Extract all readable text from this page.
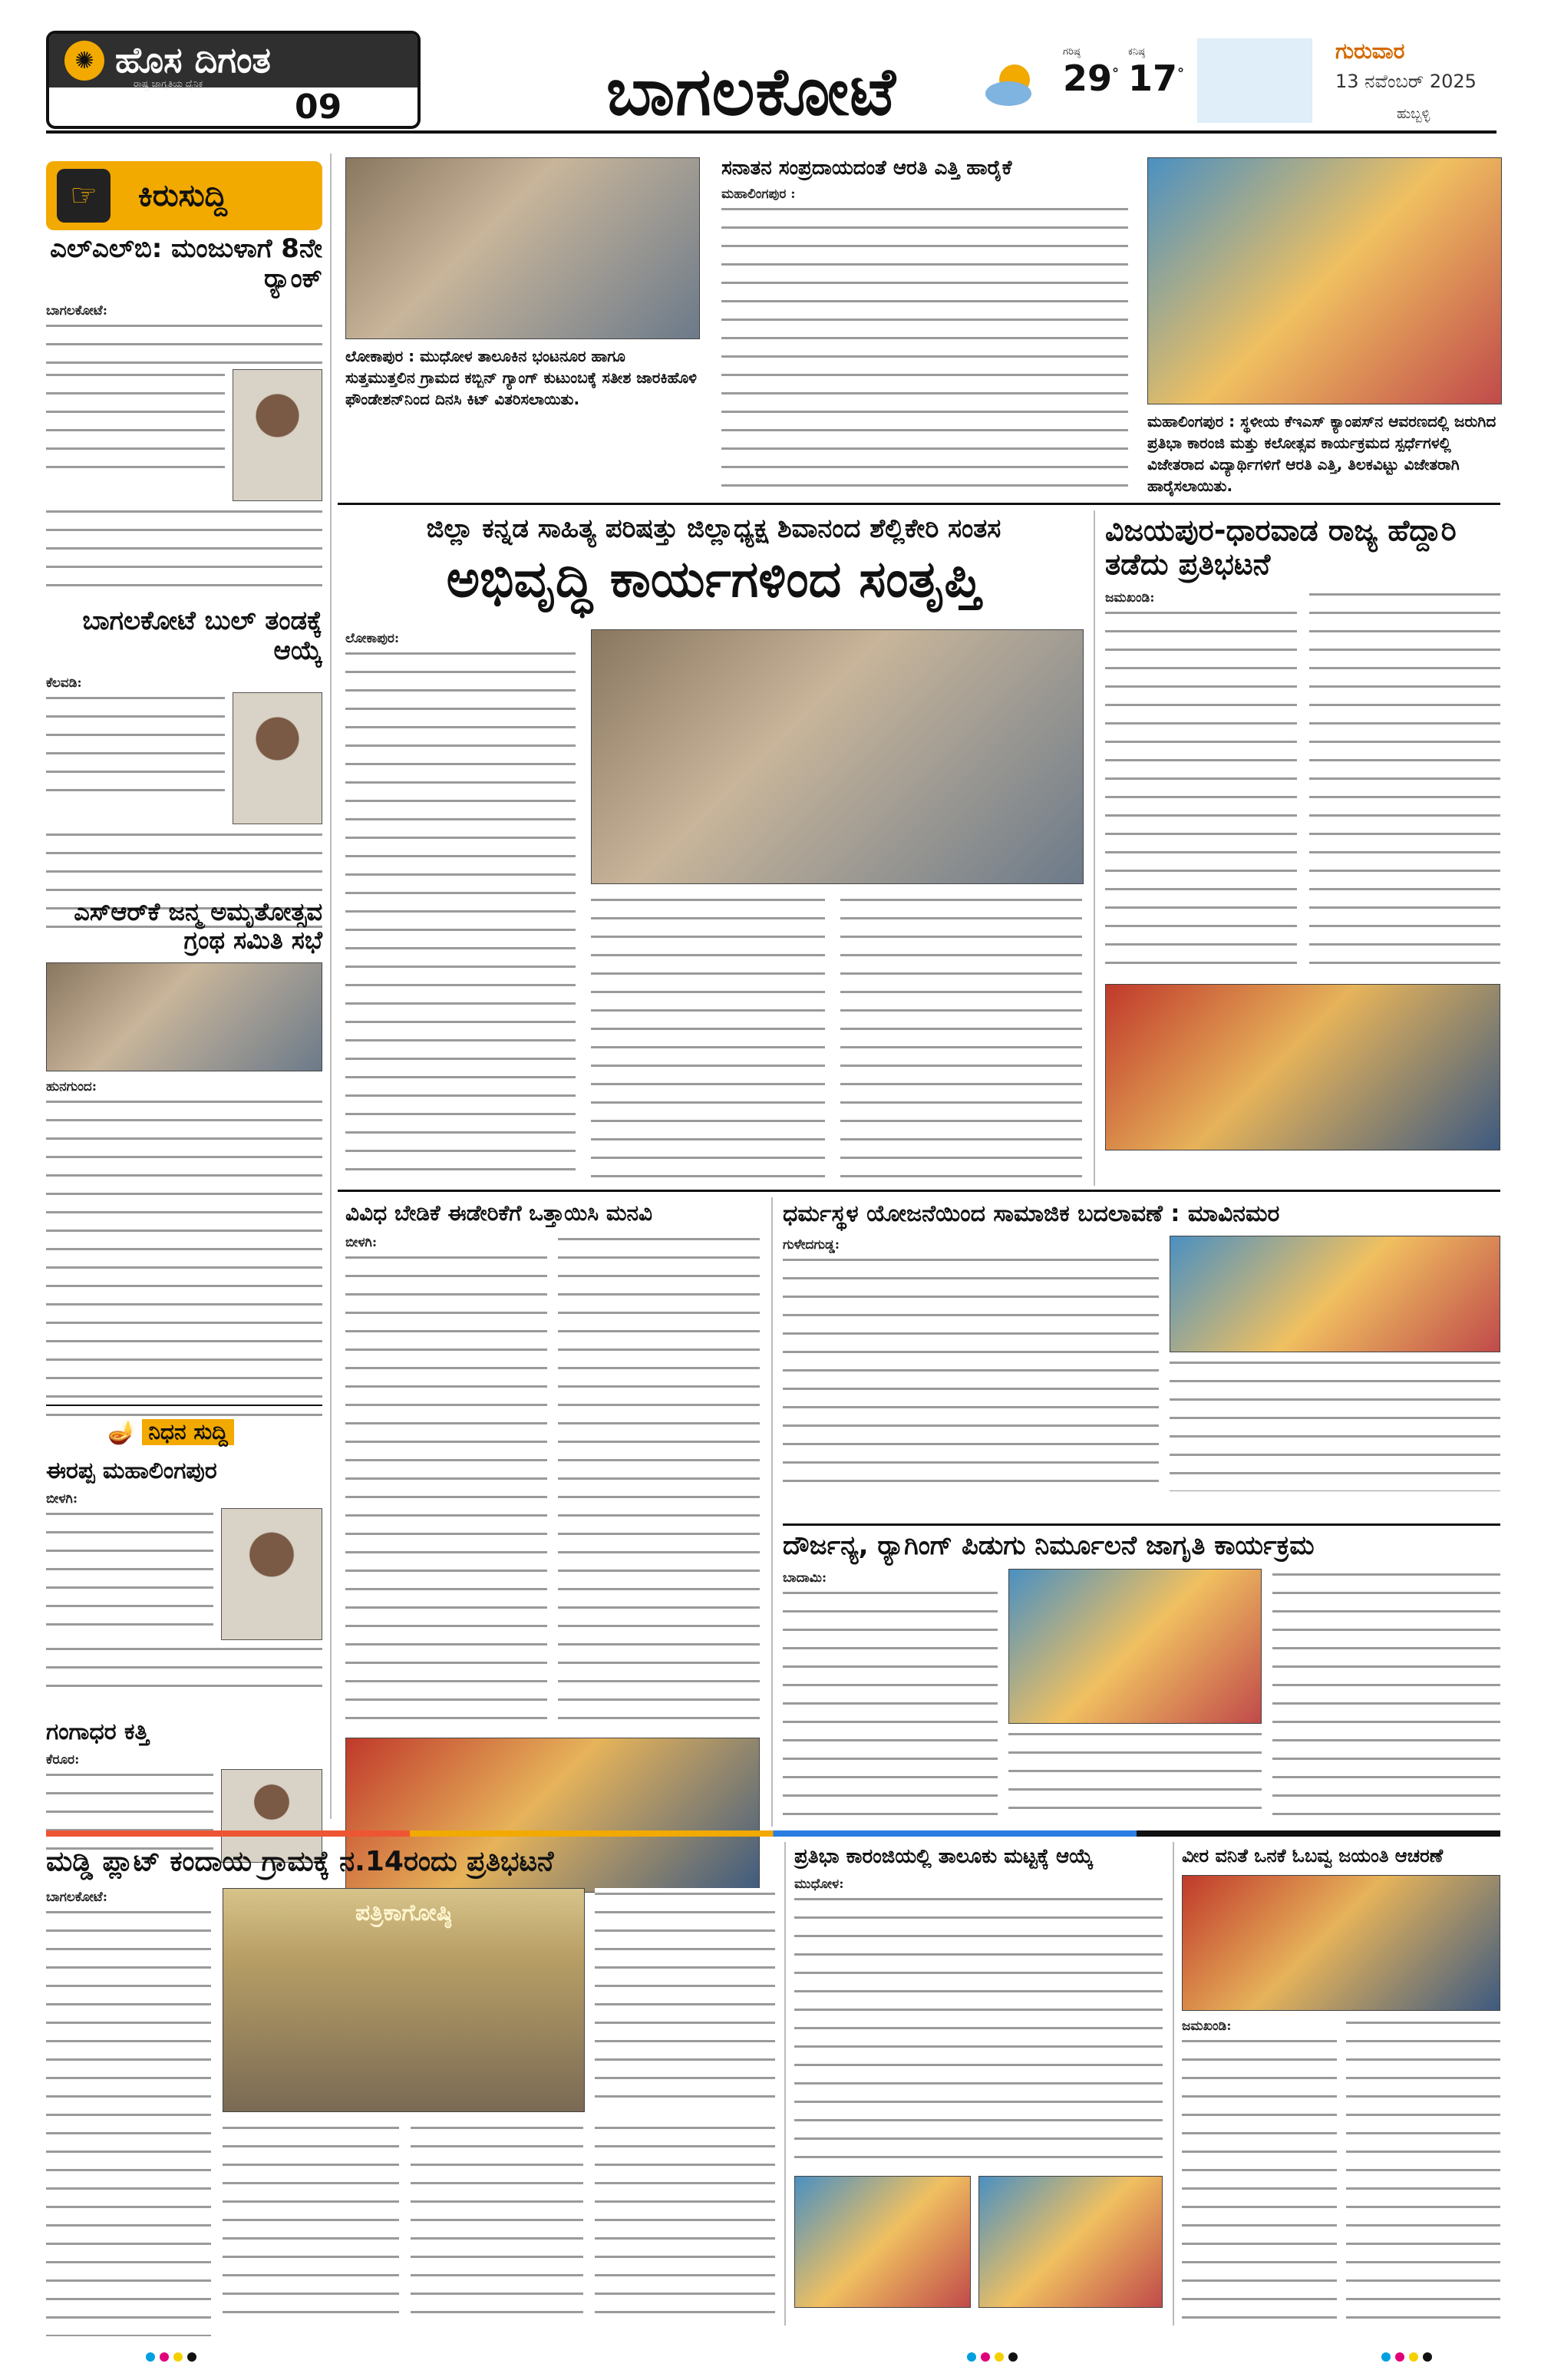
✺ ಹೊಸ ದಿಗಂತ
ರಾಷ್ಟ್ರ ಜಾಗೃತಿಯ ದೈನಿಕ
09	ಬಾಗಲಕೋಟೆ
ಗರಿಷ್ಠ
29°
ಕನಿಷ್ಠ
17°
ಗುರುವಾರ
13 ನವೆಂಬರ್ 2025
ಹುಬ್ಬಳ್ಳಿ
☞	ಕಿರುಸುದ್ದಿ
ಎಲ್‌ಎಲ್‌ಬಿ: ಮಂಜುಳಾಗೆ 8ನೇ ರ‍್ಯಾಂಕ್
ಬಾಗಲಕೋಟೆ:
ಬಾಗಲಕೋಟೆ ಬುಲ್ ತಂಡಕ್ಕೆ ಆಯ್ಕೆ
ಕೆಲವಡಿ:
ಎಸ್‌ಆರ್‌ಕೆ ಜನ್ಮ ಅಮೃತೋತ್ಸವ ಗ್ರಂಥ ಸಮಿತಿ ಸಭೆ
ಹುನಗುಂದ:
🪔 ನಿಧನ ಸುದ್ದಿ
ಈರಪ್ಪ ಮಹಾಲಿಂಗಪುರ
ಬೀಳಗಿ:
ಗಂಗಾಧರ ಕತ್ತಿ
ಕೆರೂರ:
ಲೋಕಾಪುರ : ಮುಧೋಳ ತಾಲೂಕಿನ ಭಂಟನೂರ ಹಾಗೂ ಸುತ್ತಮುತ್ತಲಿನ ಗ್ರಾಮದ ಕಬ್ಬಿನ್ ಗ್ಯಾಂಗ್ ಕುಟುಂಬಕ್ಕೆ ಸತೀಶ ಜಾರಕಿಹೊಳಿ ಫೌಂಡೇಶನ್‌ನಿಂದ ದಿನಸಿ ಕಿಟ್ ವಿತರಿಸಲಾಯಿತು.
ಸನಾತನ ಸಂಪ್ರದಾಯದಂತೆ ಆರತಿ ಎತ್ತಿ ಹಾರೈಕೆ
ಮಹಾಲಿಂಗಪುರ :
ಮಹಾಲಿಂಗಪುರ : ಸ್ಥಳೀಯ ಕೆಇಎಸ್ ಕ್ಯಾಂಪಸ್‌ನ ಆವರಣದಲ್ಲಿ ಜರುಗಿದ ಪ್ರತಿಭಾ ಕಾರಂಜಿ ಮತ್ತು ಕಲೋತ್ಸವ ಕಾರ್ಯಕ್ರಮದ ಸ್ಪರ್ಧೆಗಳಲ್ಲಿ ವಿಜೇತರಾದ ವಿದ್ಯಾರ್ಥಿಗಳಿಗೆ ಆರತಿ ಎತ್ತಿ, ತಿಲಕವಿಟ್ಟು ವಿಜೇತರಾಗಿ ಹಾರೈಸಲಾಯಿತು.
ಜಿಲ್ಲಾ ಕನ್ನಡ ಸಾಹಿತ್ಯ ಪರಿಷತ್ತು ಜಿಲ್ಲಾಧ್ಯಕ್ಷ ಶಿವಾನಂದ ಶೆಲ್ಲಿಕೇರಿ ಸಂತಸ
ಅಭಿವೃದ್ಧಿ ಕಾರ್ಯಗಳಿಂದ ಸಂತೃಪ್ತಿ
ಲೋಕಾಪುರ:
ವಿಜಯಪುರ-ಧಾರವಾಡ ರಾಜ್ಯ ಹೆದ್ದಾರಿ ತಡೆದು ಪ್ರತಿಭಟನೆ
ಜಮಖಂಡಿ:
ವಿವಿಧ ಬೇಡಿಕೆ ಈಡೇರಿಕೆಗೆ ಒತ್ತಾಯಿಸಿ ಮನವಿ
ಬೀಳಗಿ:
ಧರ್ಮಸ್ಥಳ ಯೋಜನೆಯಿಂದ ಸಾಮಾಜಿಕ ಬದಲಾವಣೆ : ಮಾವಿನಮರ
ಗುಳೇದಗುಡ್ಡ:
ದೌರ್ಜನ್ಯ, ರ‍್ಯಾಗಿಂಗ್ ಪಿಡುಗು ನಿರ್ಮೂಲನೆ ಜಾಗೃತಿ ಕಾರ್ಯಕ್ರಮ
ಬಾದಾಮಿ:
ಮಡ್ಡಿ ಪ್ಲಾಟ್ ಕಂದಾಯ ಗ್ರಾಮಕ್ಕೆ ನ.14ರಂದು ಪ್ರತಿಭಟನೆ
ಬಾಗಲಕೋಟೆ:
ಪತ್ರಿಕಾಗೋಷ್ಠಿ
ಪ್ರತಿಭಾ ಕಾರಂಜಿಯಲ್ಲಿ ತಾಲೂಕು ಮಟ್ಟಕ್ಕೆ ಆಯ್ಕೆ
ಮುಧೋಳ:
ವೀರ ವನಿತೆ ಒನಕೆ ಓಬವ್ವ ಜಯಂತಿ ಆಚರಣೆ
ಜಮಖಂಡಿ:
